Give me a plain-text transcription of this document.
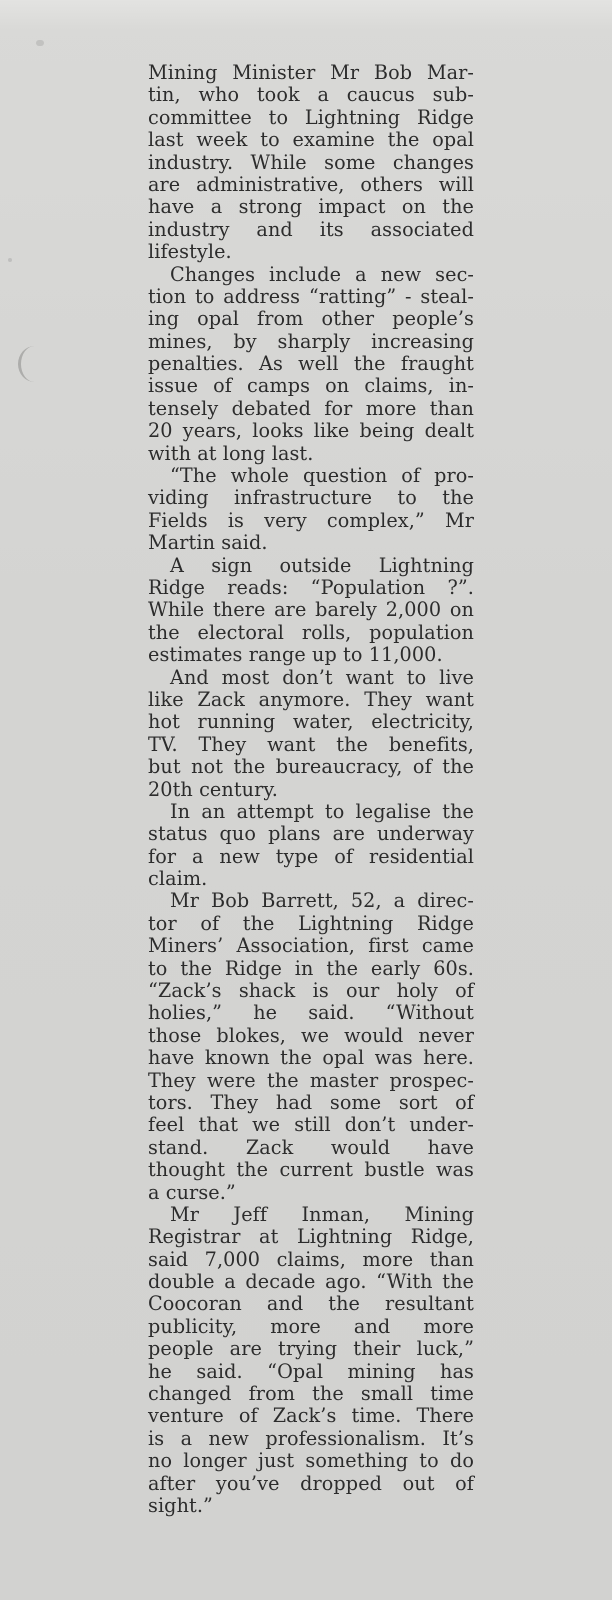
Mining Minister Mr Bob Mar-
tin, who took a caucus sub-
committee to Lightning Ridge
last week to examine the opal
industry. While some changes
are administrative, others will
have a strong impact on the
industry and its associated
lifestyle.
Changes include a new sec-
tion to address “ratting” - steal-
ing opal from other people’s
mines, by sharply increasing
penalties. As well the fraught
issue of camps on claims, in-
tensely debated for more than
20 years, looks like being dealt
with at long last.
“The whole question of pro-
viding infrastructure to the
Fields is very complex,” Mr
Martin said.
A sign outside Lightning
Ridge reads: “Population ?”.
While there are barely 2,000 on
the electoral rolls, population
estimates range up to 11,000.
And most don’t want to live
like Zack anymore. They want
hot running water, electricity,
TV. They want the benefits,
but not the bureaucracy, of the
20th century.
In an attempt to legalise the
status quo plans are underway
for a new type of residential
claim.
Mr Bob Barrett, 52, a direc-
tor of the Lightning Ridge
Miners’ Association, first came
to the Ridge in the early 60s.
“Zack’s shack is our holy of
holies,” he said. “Without
those blokes, we would never
have known the opal was here.
They were the master prospec-
tors. They had some sort of
feel that we still don’t under-
stand. Zack would have
thought the current bustle was
a curse.”
Mr Jeff Inman, Mining
Registrar at Lightning Ridge,
said 7,000 claims, more than
double a decade ago. “With the
Coocoran and the resultant
publicity, more and more
people are trying their luck,”
he said. “Opal mining has
changed from the small time
venture of Zack’s time. There
is a new professionalism. It’s
no longer just something to do
after you’ve dropped out of
sight.”
